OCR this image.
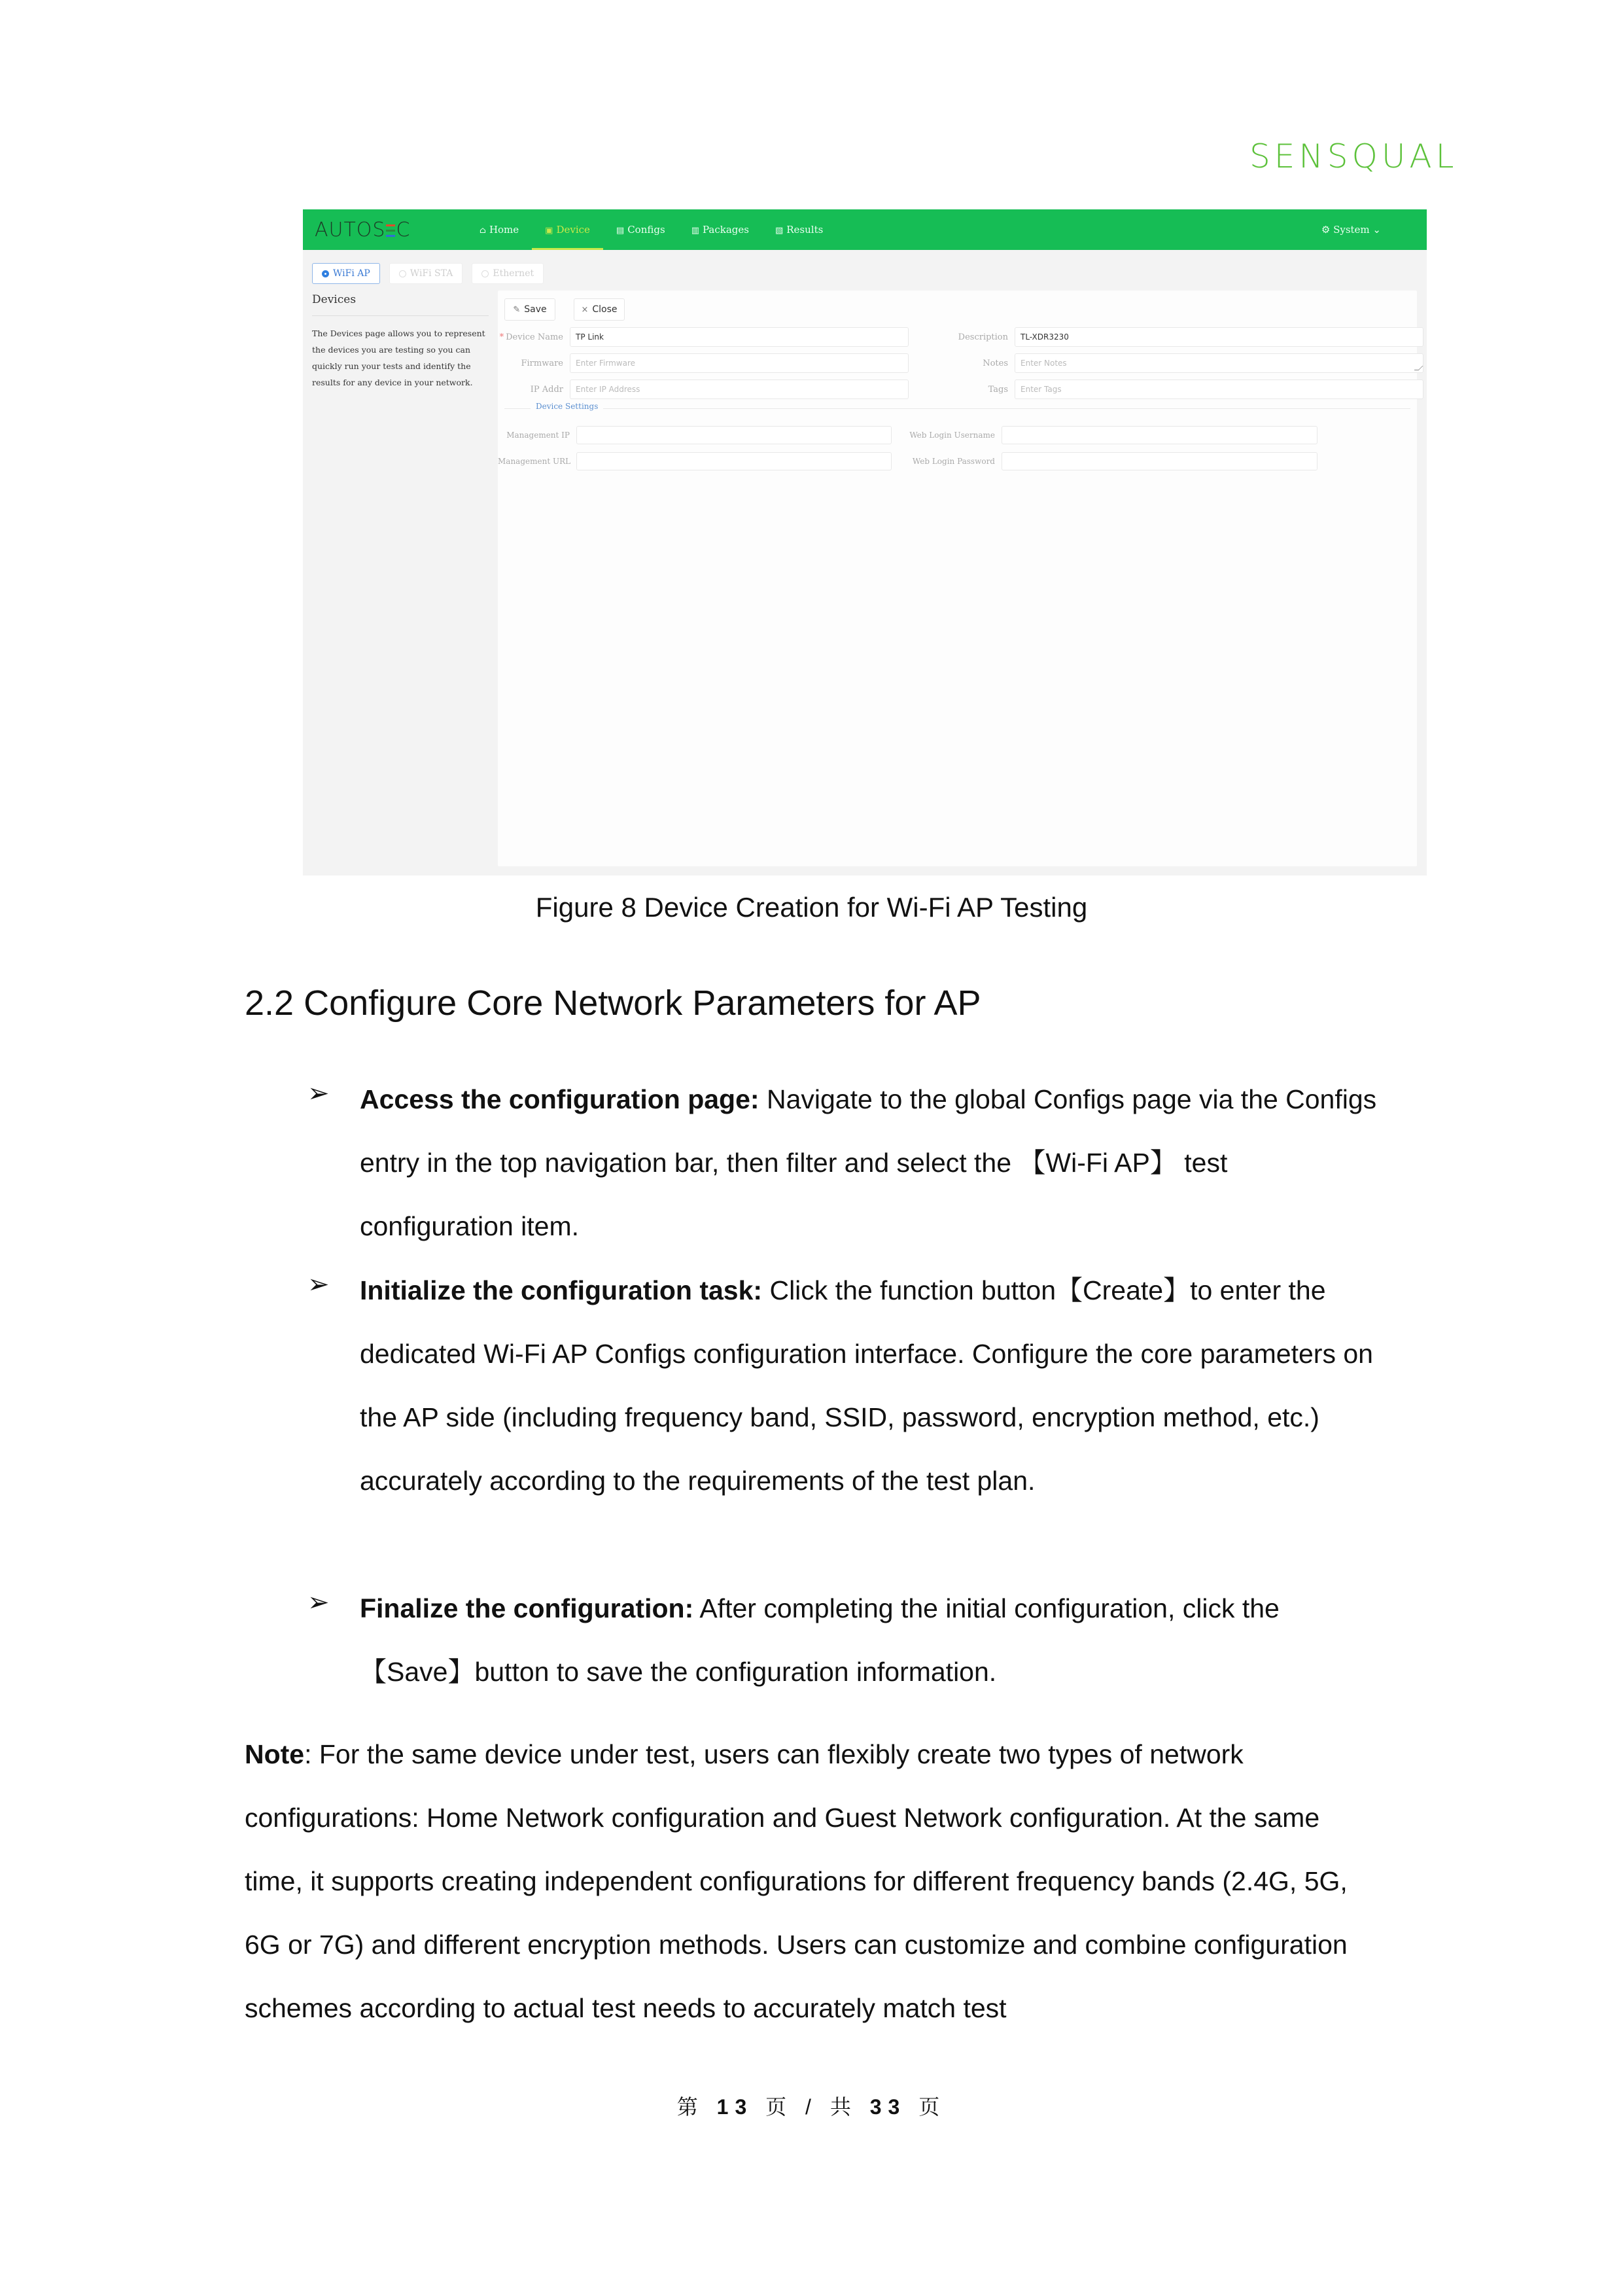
SENSQUAL
AUTOS C	⌂ Home	▣ Device	▤ Configs	▥ Packages	▧ Results	⚙ System ⌄
WiFi AP	WiFi STA	Ethernet
Devices
The Devices page allows you to represent the devices you are testing so you can quickly run your tests and identify the results for any device in your network.
✎ Save	× Close
* Device Name	TP Link
Firmware	Enter Firmware
IP Addr	Enter IP Address
Description	TL-XDR3230
Notes	Enter Notes
Tags	Enter Tags
Device Settings
Management IP
Management URL
Web Login Username
Web Login Password
Figure 8 Device Creation for Wi-Fi AP Testing
2.2 Configure Core Network Parameters for AP
➢ Access the configuration page: Navigate to the global Configs page via the Configs entry in the top navigation bar, then filter and select the 【Wi-Fi AP】 test configuration item.
➢ Initialize the configuration task: Click the function button【Create】to enter the dedicated Wi-Fi AP Configs configuration interface. Configure the core parameters on the AP side (including frequency band, SSID, password, encryption method, etc.) accurately according to the requirements of the test plan.
➢ Finalize the configuration: After completing the initial configuration, click the 【Save】button to save the configuration information.
Note: For the same device under test, users can flexibly create two types of network configurations: Home Network configuration and Guest Network configuration. At the same time, it supports creating independent configurations for different frequency bands (2.4G, 5G, 6G or 7G) and different encryption methods. Users can customize and combine configuration schemes according to actual test needs to accurately match test
第 13 页 / 共 33 页
